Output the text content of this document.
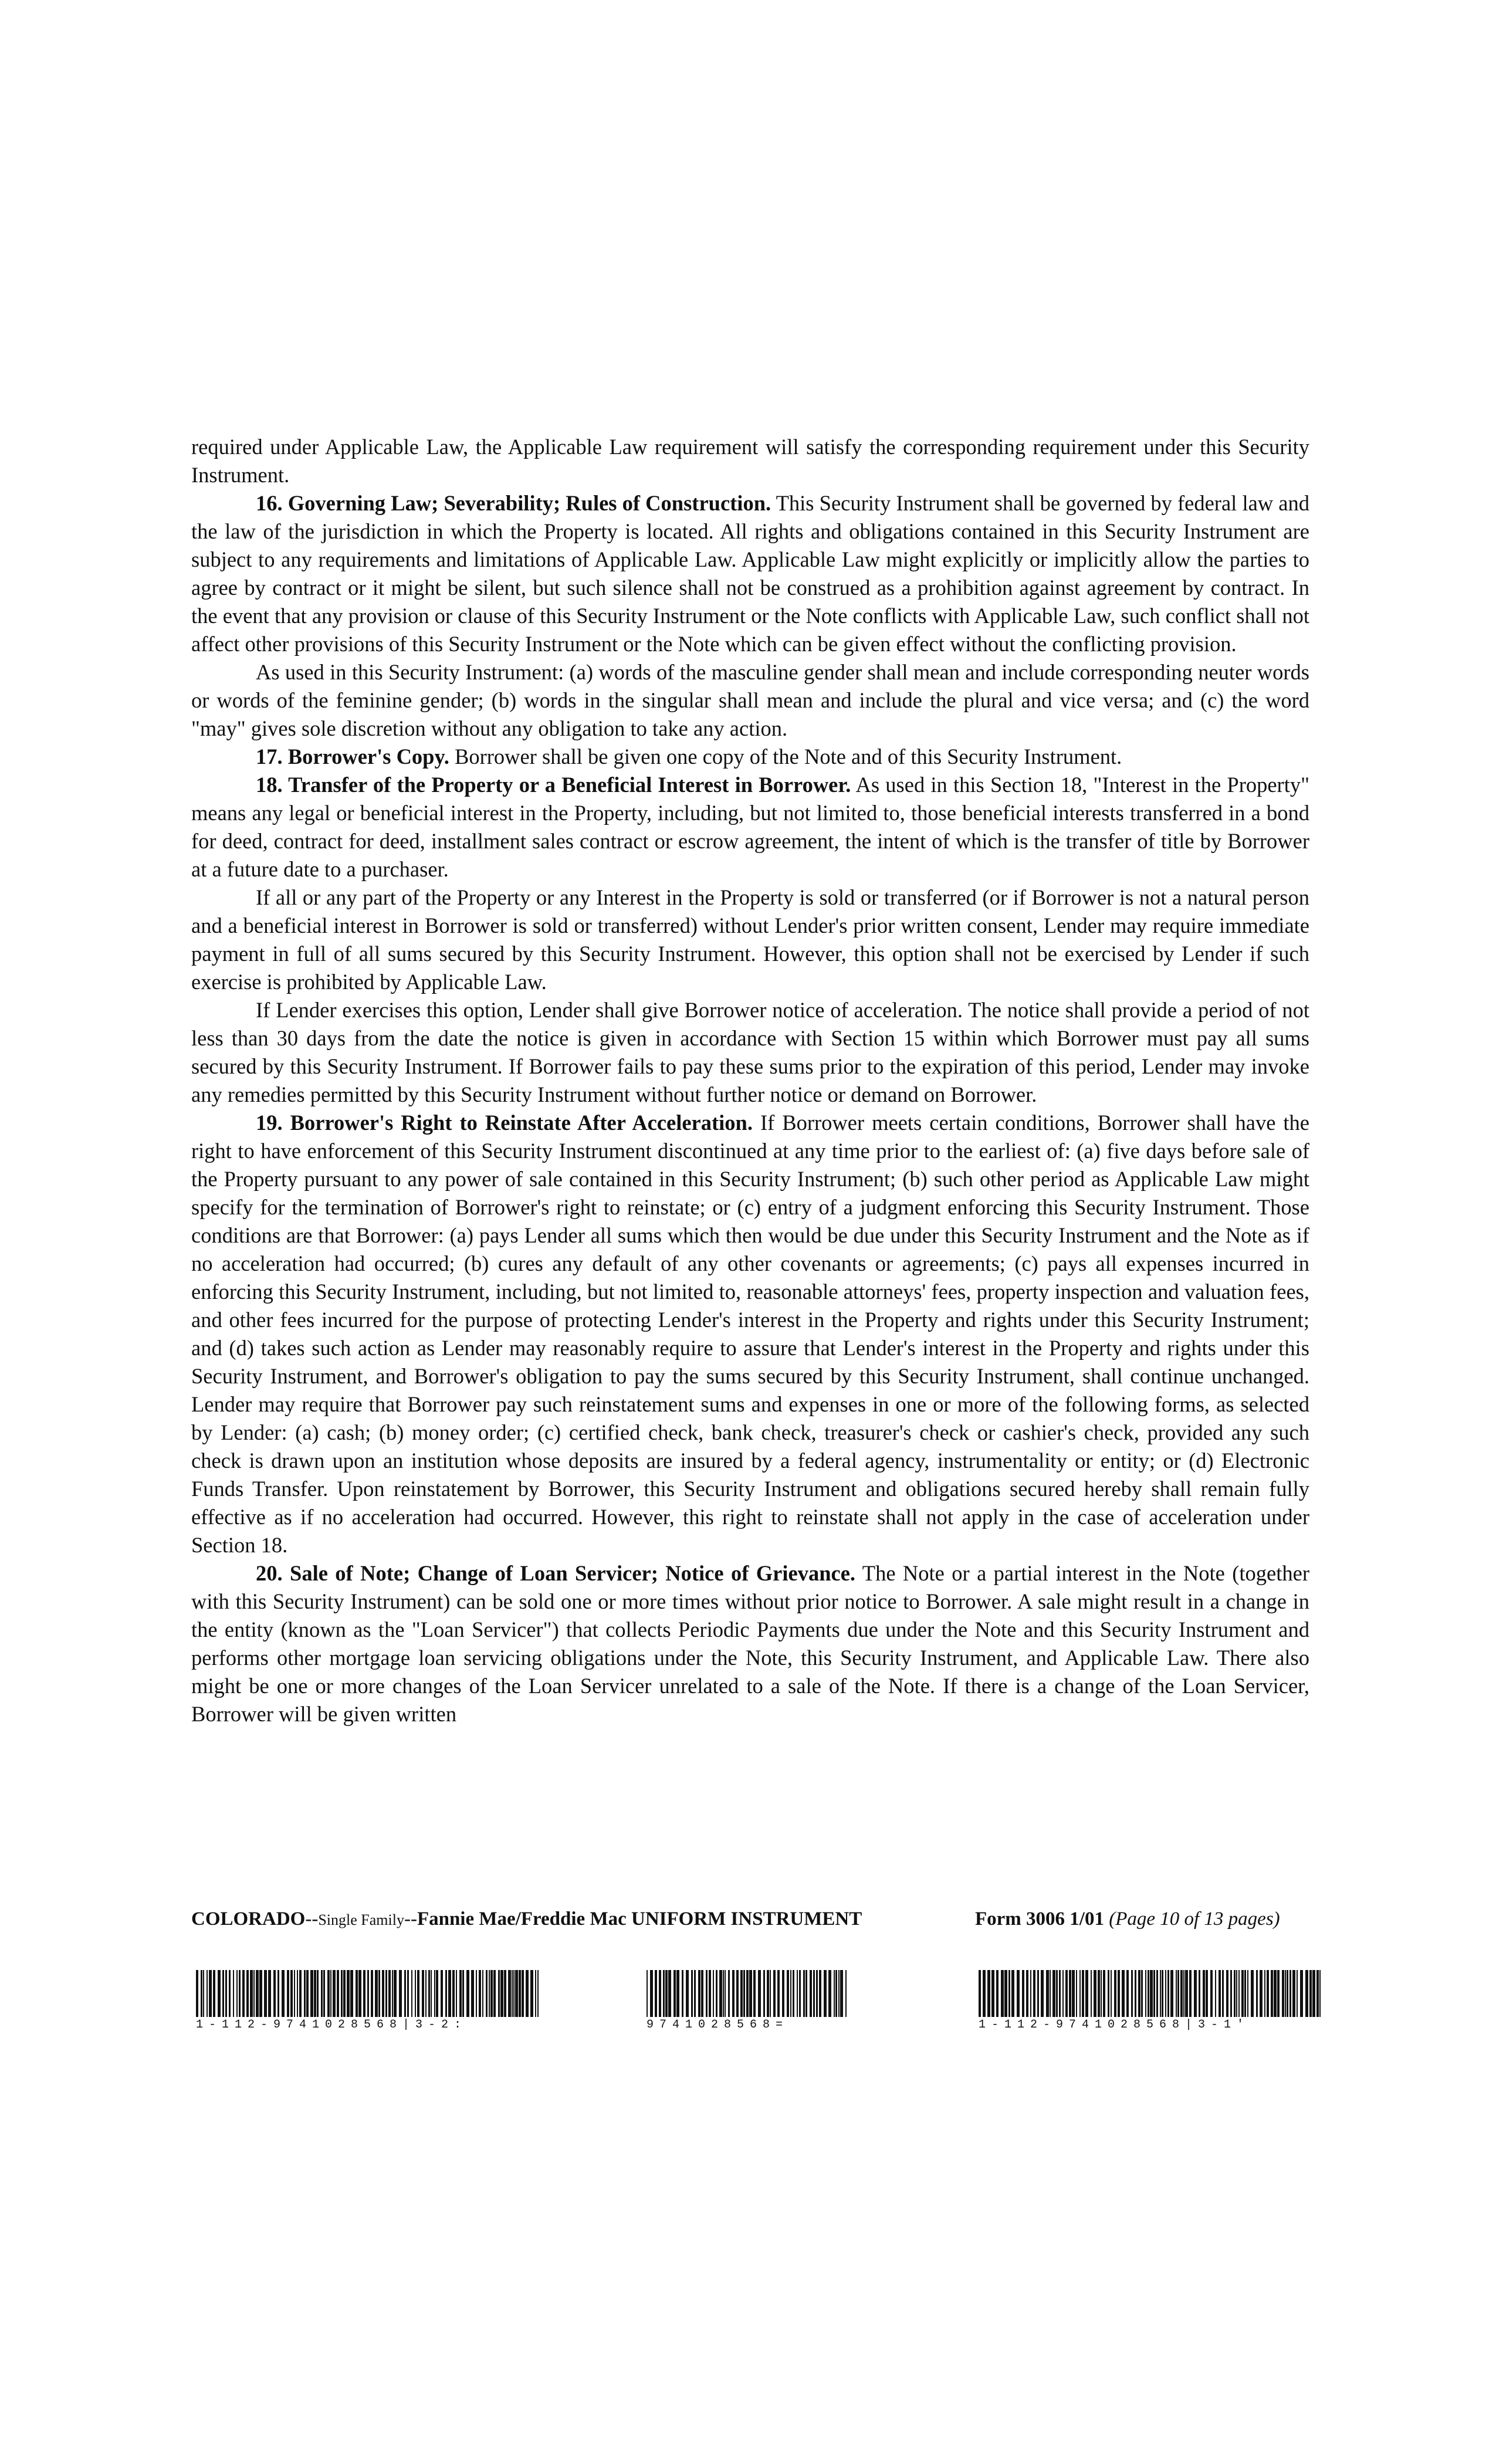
required under Applicable Law, the Applicable Law requirement will satisfy the corresponding requirement under this Security Instrument.

16. Governing Law; Severability; Rules of Construction. This Security Instrument shall be governed by federal law and the law of the jurisdiction in which the Property is located. All rights and obligations contained in this Security Instrument are subject to any requirements and limitations of Applicable Law. Applicable Law might explicitly or implicitly allow the parties to agree by contract or it might be silent, but such silence shall not be construed as a prohibition against agreement by contract. In the event that any provision or clause of this Security Instrument or the Note conflicts with Applicable Law, such conflict shall not affect other provisions of this Security Instrument or the Note which can be given effect without the conflicting provision.

As used in this Security Instrument: (a) words of the masculine gender shall mean and include corresponding neuter words or words of the feminine gender; (b) words in the singular shall mean and include the plural and vice versa; and (c) the word "may" gives sole discretion without any obligation to take any action.

17. Borrower's Copy. Borrower shall be given one copy of the Note and of this Security Instrument.

18. Transfer of the Property or a Beneficial Interest in Borrower. As used in this Section 18, "Interest in the Property" means any legal or beneficial interest in the Property, including, but not limited to, those beneficial interests transferred in a bond for deed, contract for deed, installment sales contract or escrow agreement, the intent of which is the transfer of title by Borrower at a future date to a purchaser.

If all or any part of the Property or any Interest in the Property is sold or transferred (or if Borrower is not a natural person and a beneficial interest in Borrower is sold or transferred) without Lender's prior written consent, Lender may require immediate payment in full of all sums secured by this Security Instrument. However, this option shall not be exercised by Lender if such exercise is prohibited by Applicable Law.

If Lender exercises this option, Lender shall give Borrower notice of acceleration. The notice shall provide a period of not less than 30 days from the date the notice is given in accordance with Section 15 within which Borrower must pay all sums secured by this Security Instrument. If Borrower fails to pay these sums prior to the expiration of this period, Lender may invoke any remedies permitted by this Security Instrument without further notice or demand on Borrower.

19. Borrower's Right to Reinstate After Acceleration. If Borrower meets certain conditions, Borrower shall have the right to have enforcement of this Security Instrument discontinued at any time prior to the earliest of: (a) five days before sale of the Property pursuant to any power of sale contained in this Security Instrument; (b) such other period as Applicable Law might specify for the termination of Borrower's right to reinstate; or (c) entry of a judgment enforcing this Security Instrument. Those conditions are that Borrower: (a) pays Lender all sums which then would be due under this Security Instrument and the Note as if no acceleration had occurred; (b) cures any default of any other covenants or agreements; (c) pays all expenses incurred in enforcing this Security Instrument, including, but not limited to, reasonable attorneys' fees, property inspection and valuation fees, and other fees incurred for the purpose of protecting Lender's interest in the Property and rights under this Security Instrument; and (d) takes such action as Lender may reasonably require to assure that Lender's interest in the Property and rights under this Security Instrument, and Borrower's obligation to pay the sums secured by this Security Instrument, shall continue unchanged. Lender may require that Borrower pay such reinstatement sums and expenses in one or more of the following forms, as selected by Lender: (a) cash; (b) money order; (c) certified check, bank check, treasurer's check or cashier's check, provided any such check is drawn upon an institution whose deposits are insured by a federal agency, instrumentality or entity; or (d) Electronic Funds Transfer. Upon reinstatement by Borrower, this Security Instrument and obligations secured hereby shall remain fully effective as if no acceleration had occurred. However, this right to reinstate shall not apply in the case of acceleration under Section 18.

20. Sale of Note; Change of Loan Servicer; Notice of Grievance. The Note or a partial interest in the Note (together with this Security Instrument) can be sold one or more times without prior notice to Borrower. A sale might result in a change in the entity (known as the "Loan Servicer") that collects Periodic Payments due under the Note and this Security Instrument and performs other mortgage loan servicing obligations under the Note, this Security Instrument, and Applicable Law. There also might be one or more changes of the Loan Servicer unrelated to a sale of the Note. If there is a change of the Loan Servicer, Borrower will be given written

COLORADO--Single Family--Fannie Mae/Freddie Mac UNIFORM INSTRUMENT	Form 3006 1/01 (Page 10 of 13 pages)
1-112-9741028568|3-2:	9741028568=	1-112-9741028568|3-1'
